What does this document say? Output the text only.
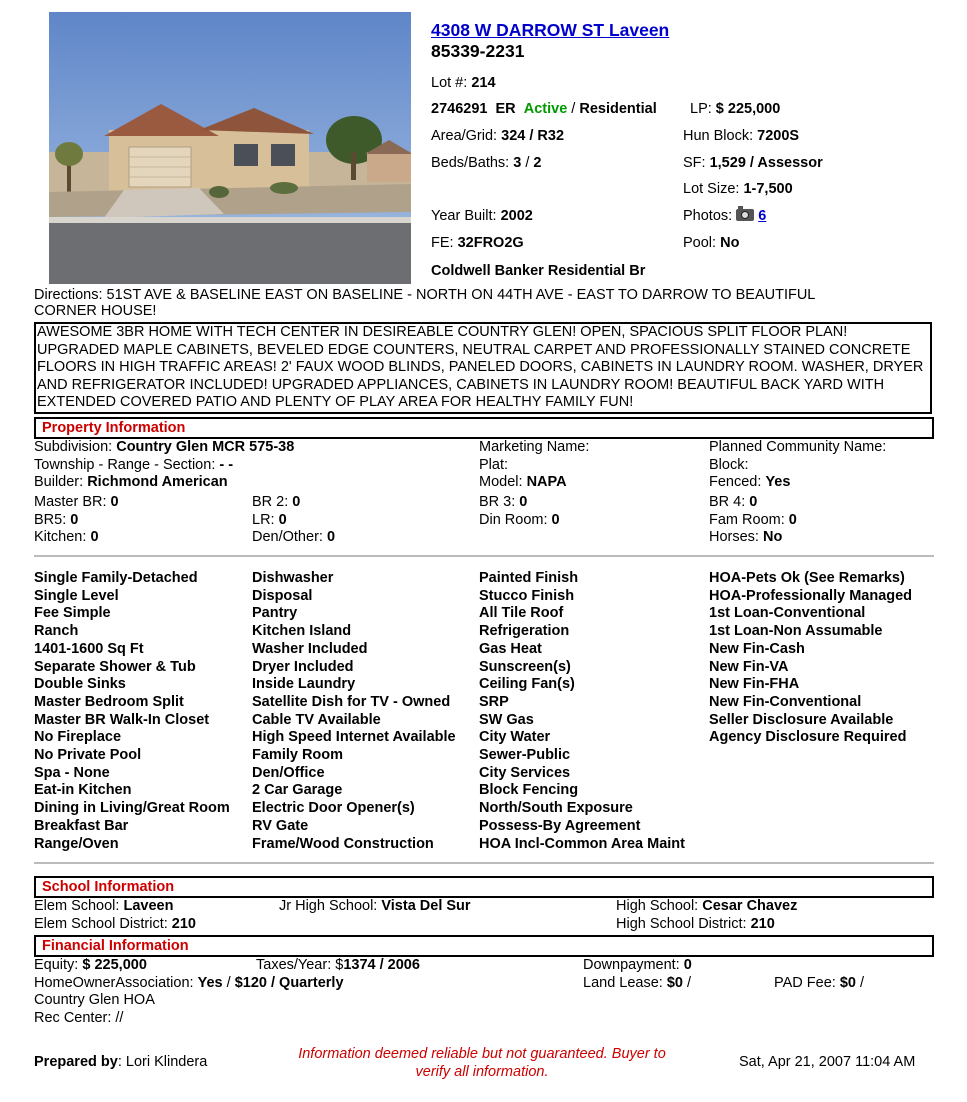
4308 W DARROW ST Laveen
85339-2231
Lot #: 214
2746291 ER Active / Residential LP: $ 225,000
Area/Grid: 324 / R32	Hun Block: 7200S
Beds/Baths: 3 / 2	SF: 1,529 / Assessor
Lot Size: 1-7,500
Year Built: 2002	Photos: 6
FE: 32FRO2G	Pool: No
Coldwell Banker Residential Br
Directions: 51ST AVE & BASELINE EAST ON BASELINE - NORTH ON 44TH AVE - EAST TO DARROW TO BEAUTIFUL
CORNER HOUSE!
AWESOME 3BR HOME WITH TECH CENTER IN DESIREABLE COUNTRY GLEN! OPEN, SPACIOUS SPLIT FLOOR PLAN! UPGRADED MAPLE CABINETS, BEVELED EDGE COUNTERS, NEUTRAL CARPET AND PROFESSIONALLY STAINED CONCRETE FLOORS IN HIGH TRAFFIC AREAS! 2' FAUX WOOD BLINDS, PANELED DOORS, CABINETS IN LAUNDRY ROOM. WASHER, DRYER AND REFRIGERATOR INCLUDED! UPGRADED APPLIANCES, CABINETS IN LAUNDRY ROOM! BEAUTIFUL BACK YARD WITH EXTENDED COVERED PATIO AND PLENTY OF PLAY AREA FOR HEALTHY FAMILY FUN!
Property Information
Subdivision: Country Glen MCR 575-38
Township - Range - Section: - -
Builder: Richmond American
Marketing Name:
Plat:
Model: NAPA
Planned Community Name:
Block:
Fenced: Yes
Master BR: 0
BR5: 0
Kitchen: 0
BR 2: 0
LR: 0
Den/Other: 0
BR 3: 0
Din Room: 0
BR 4: 0
Fam Room: 0
Horses: No
Single Family-Detached
Single Level
Fee Simple
Ranch
1401-1600 Sq Ft
Separate Shower & Tub
Double Sinks
Master Bedroom Split
Master BR Walk-In Closet
No Fireplace
No Private Pool
Spa - None
Eat-in Kitchen
Dining in Living/Great Room
Breakfast Bar
Range/Oven
Dishwasher
Disposal
Pantry
Kitchen Island
Washer Included
Dryer Included
Inside Laundry
Satellite Dish for TV - Owned
Cable TV Available
High Speed Internet Available
Family Room
Den/Office
2 Car Garage
Electric Door Opener(s)
RV Gate
Frame/Wood Construction
Painted Finish
Stucco Finish
All Tile Roof
Refrigeration
Gas Heat
Sunscreen(s)
Ceiling Fan(s)
SRP
SW Gas
City Water
Sewer-Public
City Services
Block Fencing
North/South Exposure
Possess-By Agreement
HOA Incl-Common Area Maint
HOA-Pets Ok (See Remarks)
HOA-Professionally Managed
1st Loan-Conventional
1st Loan-Non Assumable
New Fin-Cash
New Fin-VA
New Fin-FHA
New Fin-Conventional
Seller Disclosure Available
Agency Disclosure Required
School Information
Elem School: Laveen
Elem School District: 210
Jr High School: Vista Del Sur	High School: Cesar Chavez
High School District: 210
Financial Information
Equity: $ 225,000
HomeOwnerAssociation: Yes / $120 / Quarterly
Country Glen HOA
Rec Center: //
Taxes/Year: $1374 / 2006	Downpayment: 0
Land Lease: $0 /	PAD Fee: $0 /
Prepared by: Lori Klindera	Information deemed reliable but not guaranteed. Buyer to
verify all information.
Sat, Apr 21, 2007 11:04 AM
